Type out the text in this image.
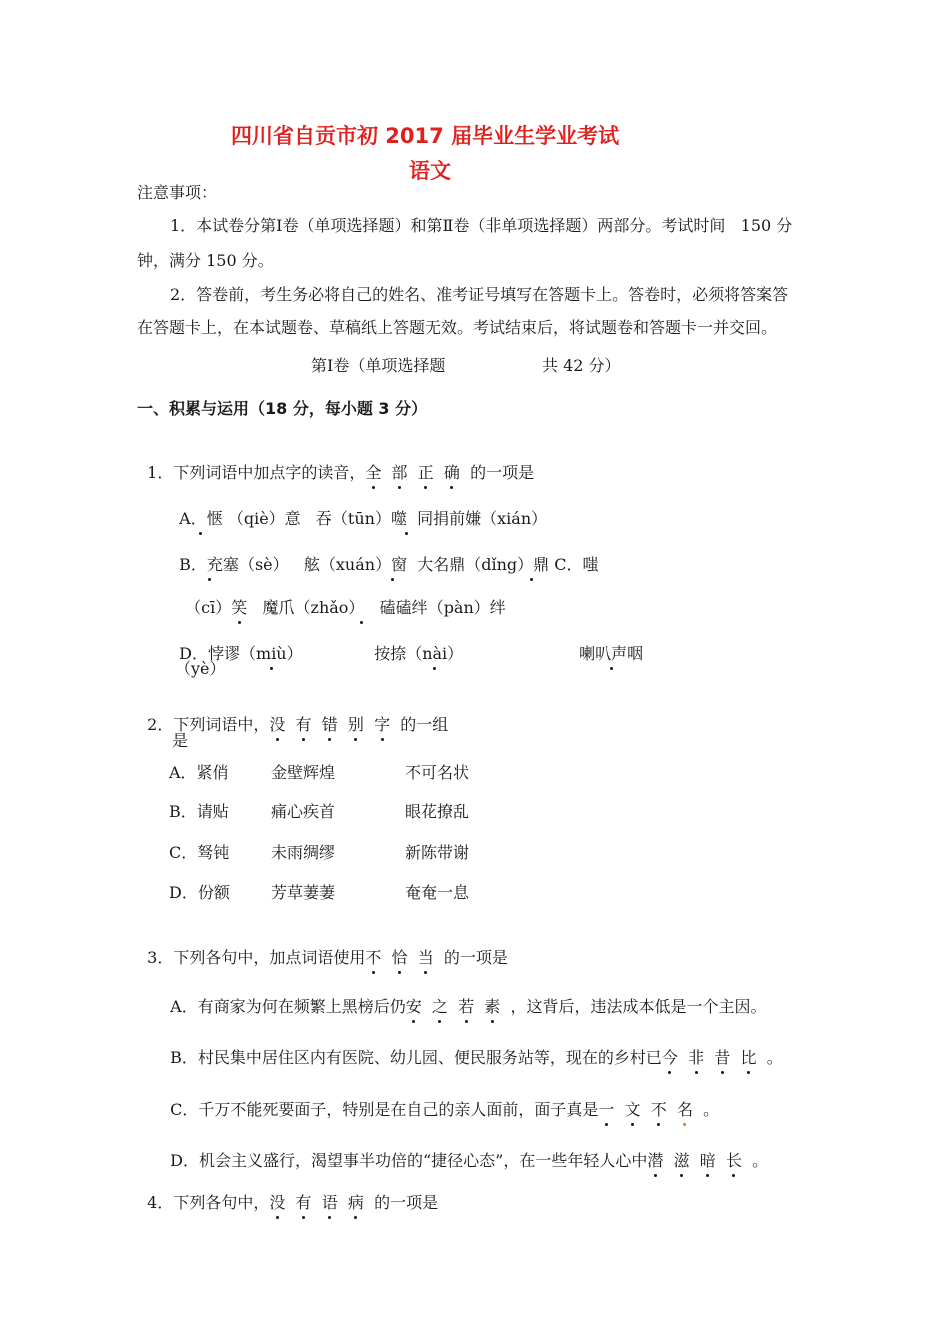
四川省自贡市初 2017 届毕业生学业考试
语文
注意事项：
1．本试卷分第Ⅰ卷（单项选择题）和第Ⅱ卷（非单项选择题）两部分。考试时间   150 分
钟，满分 150 分。
2．答卷前，考生务必将自己的姓名、准考证号填写在答题卡上。答卷时，必须将答案答
在答题卡上，在本试题卷、草稿纸上答题无效。考试结束后，将试题卷和答题卡一并交回。
第Ⅰ卷（单项选择题	共 42 分）
一、积累与运用（18 分，每小题 3 分）

1．下列词语中加点字的读音，全 部 正 确 的一项是

A．惬 （qiè）意   吞（tūn）噬  同捐前嫌（xián）

B．充塞（sè）   舷（xuán）窗  大名鼎（dǐng）鼎 C．嗤

（cī）笑   魔爪（zhǎo）   磕磕绊（pàn）绊

D．悖谬（miù）	按捺（nài）	喇叭声咽

（yè）

2．下列词语中，没 有 错 别 字 的一组

是
A．紧俏	金壁辉煌	不可名状
B．请贴	痛心疾首	眼花撩乱
C．驽钝	未雨绸缪	新陈带谢
D．份额	芳草萋萋	奄奄一息

3．下列各句中，加点词语使用不 恰 当 的一项是

A．有商家为何在频繁上黑榜后仍安 之 若 素 ，这背后，违法成本低是一个主因。

B．村民集中居住区内有医院、幼儿园、便民服务站等，现在的乡村已今 非 昔 比 。

C．千万不能死要面子，特别是在自己的亲人面前，面子真是一 文 不 名 。

D．机会主义盛行，渴望事半功倍的“捷径心态”，在一些年轻人心中潜 滋 暗 长 。

4．下列各句中，没 有 语 病 的一项是
